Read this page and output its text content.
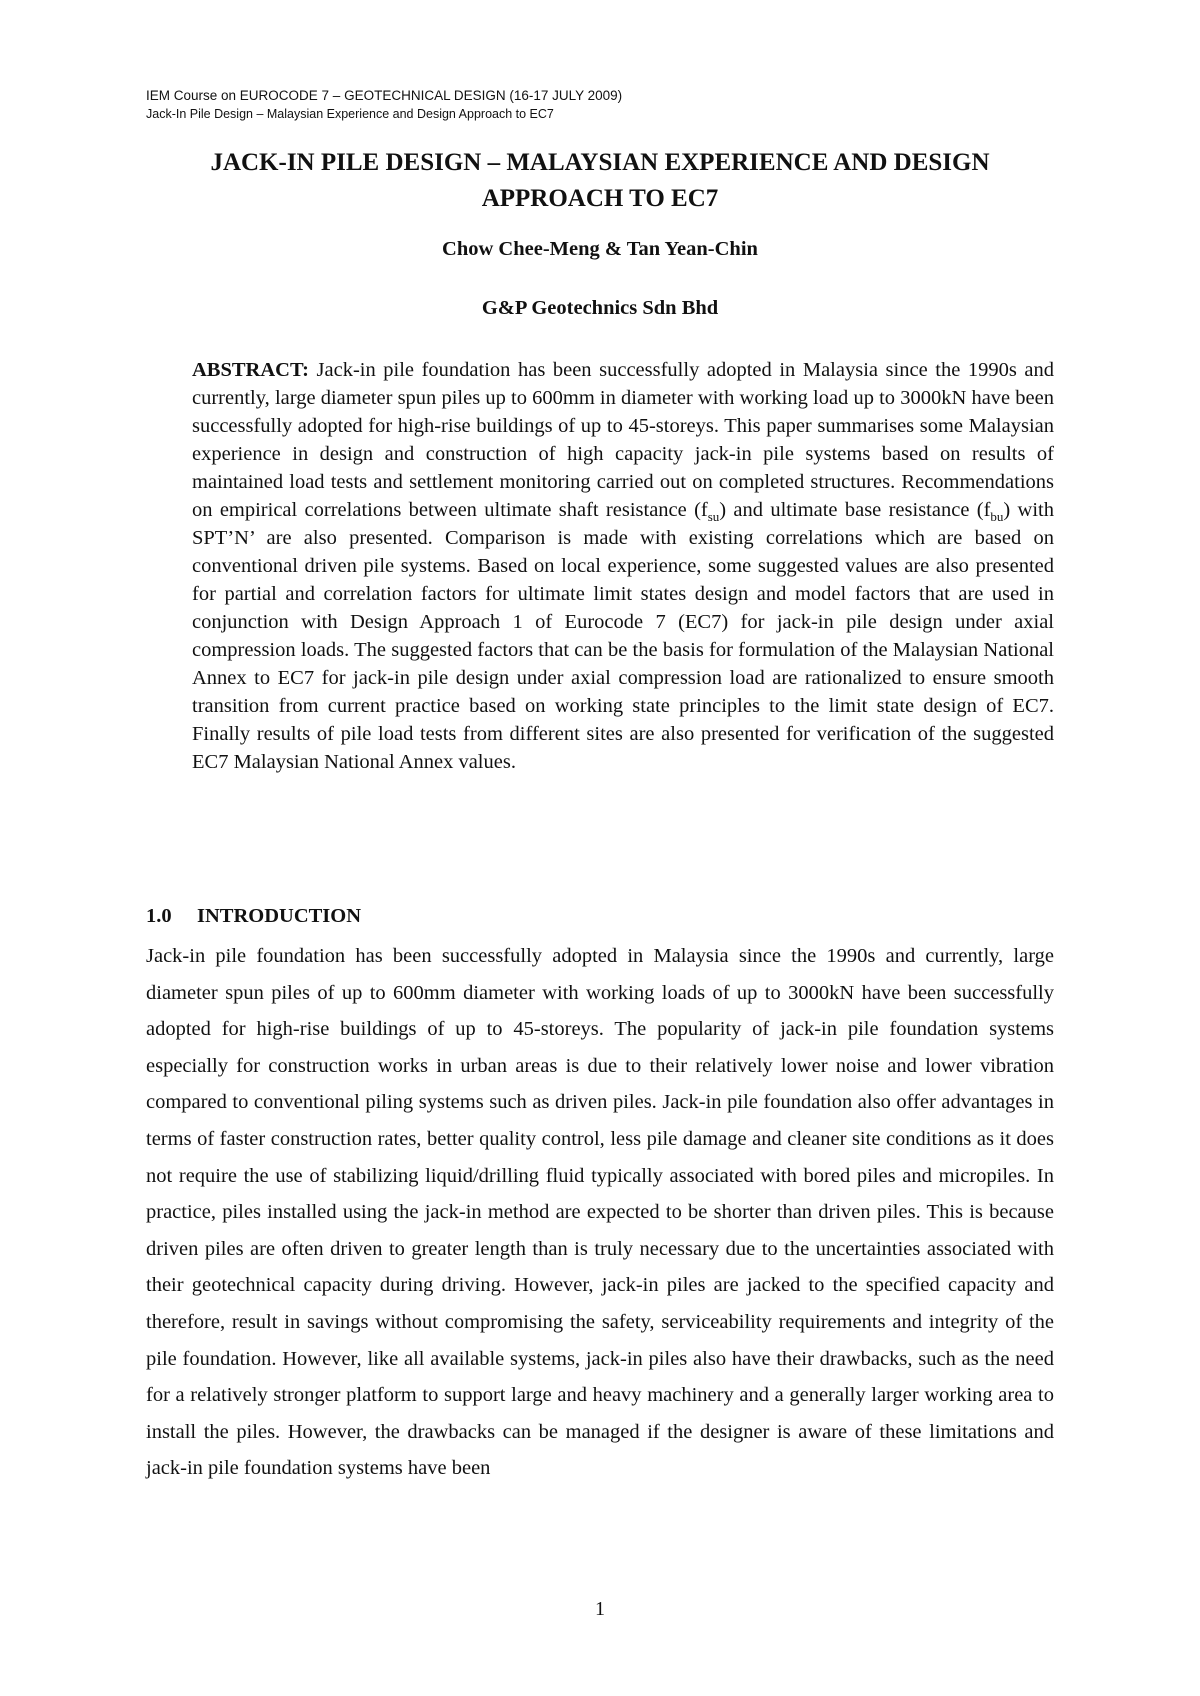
IEM Course on EUROCODE 7 – GEOTECHNICAL DESIGN (16-17 JULY 2009)
Jack-In Pile Design – Malaysian Experience and Design Approach to EC7
JACK-IN PILE DESIGN – MALAYSIAN EXPERIENCE AND DESIGN
APPROACH TO EC7
Chow Chee-Meng & Tan Yean-Chin
G&P Geotechnics Sdn Bhd
ABSTRACT: Jack-in pile foundation has been successfully adopted in Malaysia since the 1990s and currently, large diameter spun piles up to 600mm in diameter with working load up to 3000kN have been successfully adopted for high-rise buildings of up to 45-storeys. This paper summarises some Malaysian experience in design and construction of high capacity jack-in pile systems based on results of maintained load tests and settlement monitoring carried out on completed structures. Recommendations on empirical correlations between ultimate shaft resistance $(f_{su})$ and ultimate base resistance $(f_{bu})$ with SPT’N’ are also presented. Comparison is made with existing correlations which are based on conventional driven pile systems. Based on local experience, some suggested values are also presented for partial and correlation factors for ultimate limit states design and model factors that are used in conjunction with Design Approach 1 of Eurocode 7 (EC7) for jack-in pile design under axial compression loads. The suggested factors that can be the basis for formulation of the Malaysian National Annex to EC7 for jack-in pile design under axial compression load are rationalized to ensure smooth transition from current practice based on working state principles to the limit state design of EC7. Finally results of pile load tests from different sites are also presented for verification of the suggested EC7 Malaysian National Annex values.
1.0 INTRODUCTION
Jack-in pile foundation has been successfully adopted in Malaysia since the 1990s and currently, large diameter spun piles of up to 600mm diameter with working loads of up to 3000kN have been successfully adopted for high-rise buildings of up to 45-storeys. The popularity of jack-in pile foundation systems especially for construction works in urban areas is due to their relatively lower noise and lower vibration compared to conventional piling systems such as driven piles. Jack-in pile foundation also offer advantages in terms of faster construction rates, better quality control, less pile damage and cleaner site conditions as it does not require the use of stabilizing liquid/drilling fluid typically associated with bored piles and micropiles. In practice, piles installed using the jack-in method are expected to be shorter than driven piles. This is because driven piles are often driven to greater length than is truly necessary due to the uncertainties associated with their geotechnical capacity during driving. However, jack-in piles are jacked to the specified capacity and therefore, result in savings without compromising the safety, serviceability requirements and integrity of the pile foundation. However, like all available systems, jack-in piles also have their drawbacks, such as the need for a relatively stronger platform to support large and heavy machinery and a generally larger working area to install the piles. However, the drawbacks can be managed if the designer is aware of these limitations and jack-in pile foundation systems have been
1
